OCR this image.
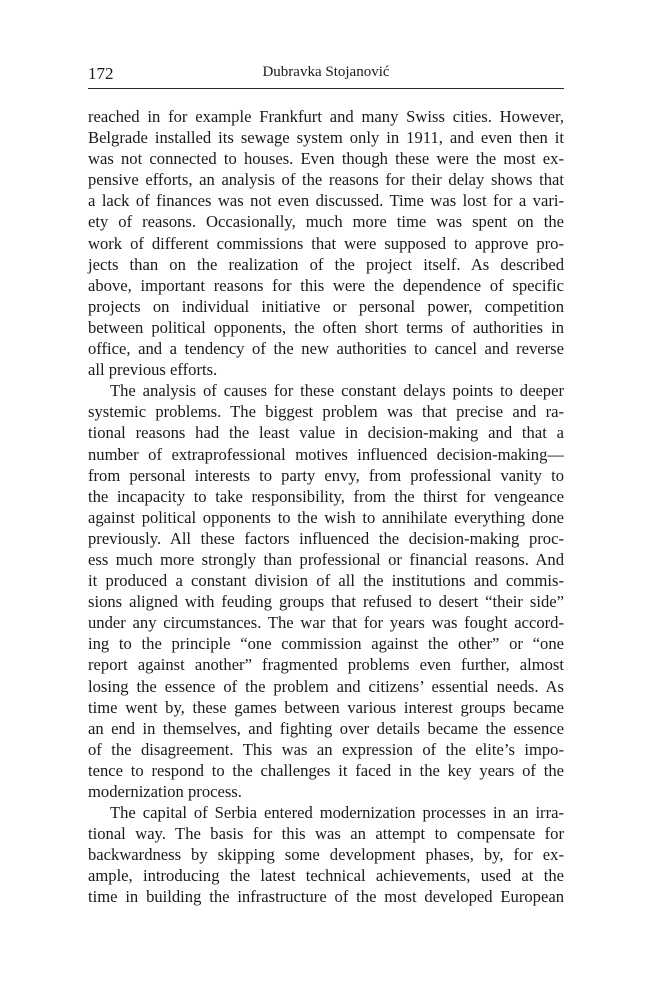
172	Dubravka Stojanović
reached in for example Frankfurt and many Swiss cities. However,
Belgrade installed its sewage system only in 1911, and even then it
was not connected to houses. Even though these were the most ex-
pensive efforts, an analysis of the reasons for their delay shows that
a lack of finances was not even discussed. Time was lost for a vari-
ety of reasons. Occasionally, much more time was spent on the
work of different commissions that were supposed to approve pro-
jects than on the realization of the project itself. As described
above, important reasons for this were the dependence of specific
projects on individual initiative or personal power, competition
between political opponents, the often short terms of authorities in
office, and a tendency of the new authorities to cancel and reverse
all previous efforts.
The analysis of causes for these constant delays points to deeper
systemic problems. The biggest problem was that precise and ra-
tional reasons had the least value in decision-making and that a
number of extraprofessional motives influenced decision-making—
from personal interests to party envy, from professional vanity to
the incapacity to take responsibility, from the thirst for vengeance
against political opponents to the wish to annihilate everything done
previously. All these factors influenced the decision-making proc-
ess much more strongly than professional or financial reasons. And
it produced a constant division of all the institutions and commis-
sions aligned with feuding groups that refused to desert “their side”
under any circumstances. The war that for years was fought accord-
ing to the principle “one commission against the other” or “one
report against another” fragmented problems even further, almost
losing the essence of the problem and citizens’ essential needs. As
time went by, these games between various interest groups became
an end in themselves, and fighting over details became the essence
of the disagreement. This was an expression of the elite’s impo-
tence to respond to the challenges it faced in the key years of the
modernization process.
The capital of Serbia entered modernization processes in an irra-
tional way. The basis for this was an attempt to compensate for
backwardness by skipping some development phases, by, for ex-
ample, introducing the latest technical achievements, used at the
time in building the infrastructure of the most developed European
